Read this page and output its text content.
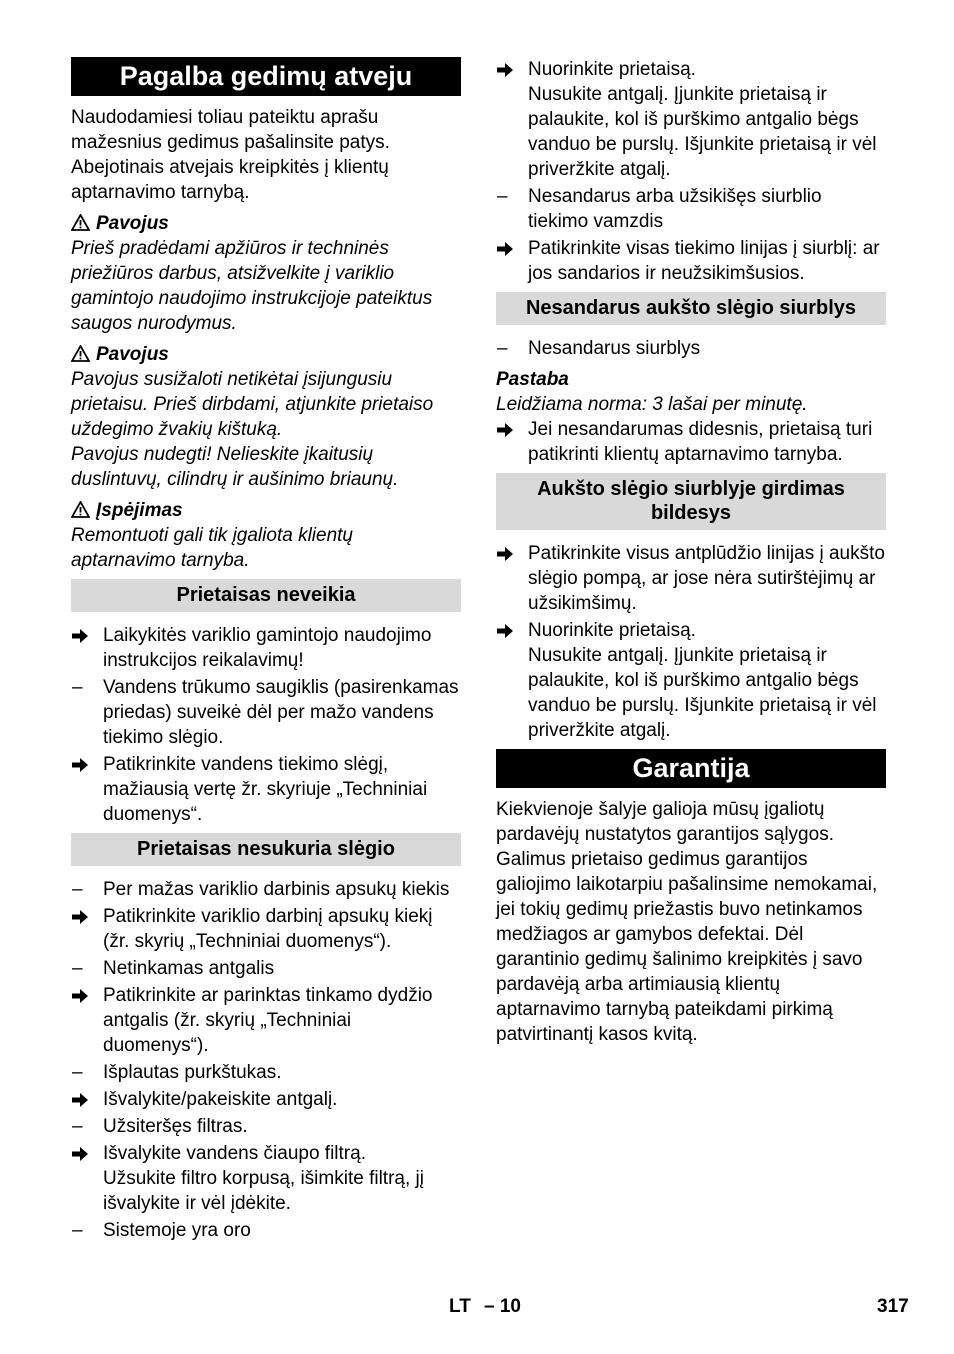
Pagalba gedimų atveju

Naudodamiesi toliau pateiktu aprašu mažesnius gedimus pašalinsite patys. Abejotinais atvejais kreipkitės į klientų aptarnavimo tarnybą.

Pavojus

Prieš pradėdami apžiūros ir techninės priežiūros darbus, atsižvelkite į variklio gamintojo naudojimo instrukcijoje pateiktus saugos nurodymus.

Pavojus

Pavojus susižaloti netikėtai įsijungusiu prietaisu. Prieš dirbdami, atjunkite prietaiso uždegimo žvakių kištuką.

Pavojus nudegti! Nelieskite įkaitusių duslintuvų, cilindrų ir aušinimo briaunų.

Įspėjimas

Remontuoti gali tik įgaliota klientų aptarnavimo tarnyba.

Prietaisas neveikia
Laikykitės variklio gamintojo naudojimo instrukcijos reikalavimų!
–	Vandens trūkumo saugiklis (pasirenkamas priedas) suveikė dėl per mažo vandens tiekimo slėgio.
Patikrinkite vandens tiekimo slėgį, mažiausią vertę žr. skyriuje „Techniniai duomenys“.
Prietaisas nesukuria slėgio
–	Per mažas variklio darbinis apsukų kiekis
Patikrinkite variklio darbinį apsukų kiekį (žr. skyrių „Techniniai duomenys“).
–	Netinkamas antgalis
Patikrinkite ar parinktas tinkamo dydžio antgalis (žr. skyrių „Techniniai duomenys“).
–	Išplautas purkštukas.
Išvalykite/pakeiskite antgalį.
–	Užsiteršęs filtras.
Išvalykite vandens čiaupo filtrą.
Užsukite filtro korpusą, išimkite filtrą, jį išvalykite ir vėl įdėkite.
–	Sistemoje yra oro
Nuorinkite prietaisą.
Nusukite antgalį. Įjunkite prietaisą ir palaukite, kol iš purškimo antgalio bėgs vanduo be purslų. Išjunkite prietaisą ir vėl priveržkite atgalį.
–	Nesandarus arba užsikišęs siurblio tiekimo vamzdis
Patikrinkite visas tiekimo linijas į siurblį: ar jos sandarios ir neužsikimšusios.
Nesandarus aukšto slėgio siurblys
–	Nesandarus siurblys
Pastaba

Leidžiama norma: 3 lašai per minutę.

Jei nesandarumas didesnis, prietaisą turi patikrinti klientų aptarnavimo tarnyba.
Aukšto slėgio siurblyje girdimas bildesys
Patikrinkite visus antplūdžio linijas į aukšto slėgio pompą, ar jose nėra sutirštėjimų ar užsikimšimų.
Nuorinkite prietaisą.
Nusukite antgalį. Įjunkite prietaisą ir palaukite, kol iš purškimo antgalio bėgs vanduo be purslų. Išjunkite prietaisą ir vėl priveržkite atgalį.
Garantija

Kiekvienoje šalyje galioja mūsų įgaliotų pardavėjų nustatytos garantijos sąlygos. Galimus prietaiso gedimus garantijos galiojimo laikotarpiu pašalinsime nemokamai, jei tokių gedimų priežastis buvo netinkamos medžiagos ar gamybos defektai. Dėl garantinio gedimų šalinimo kreipkitės į savo pardavėją arba artimiausią klientų aptarnavimo tarnybą pateikdami pirkimą patvirtinantį kasos kvitą.

LT – 10	317
